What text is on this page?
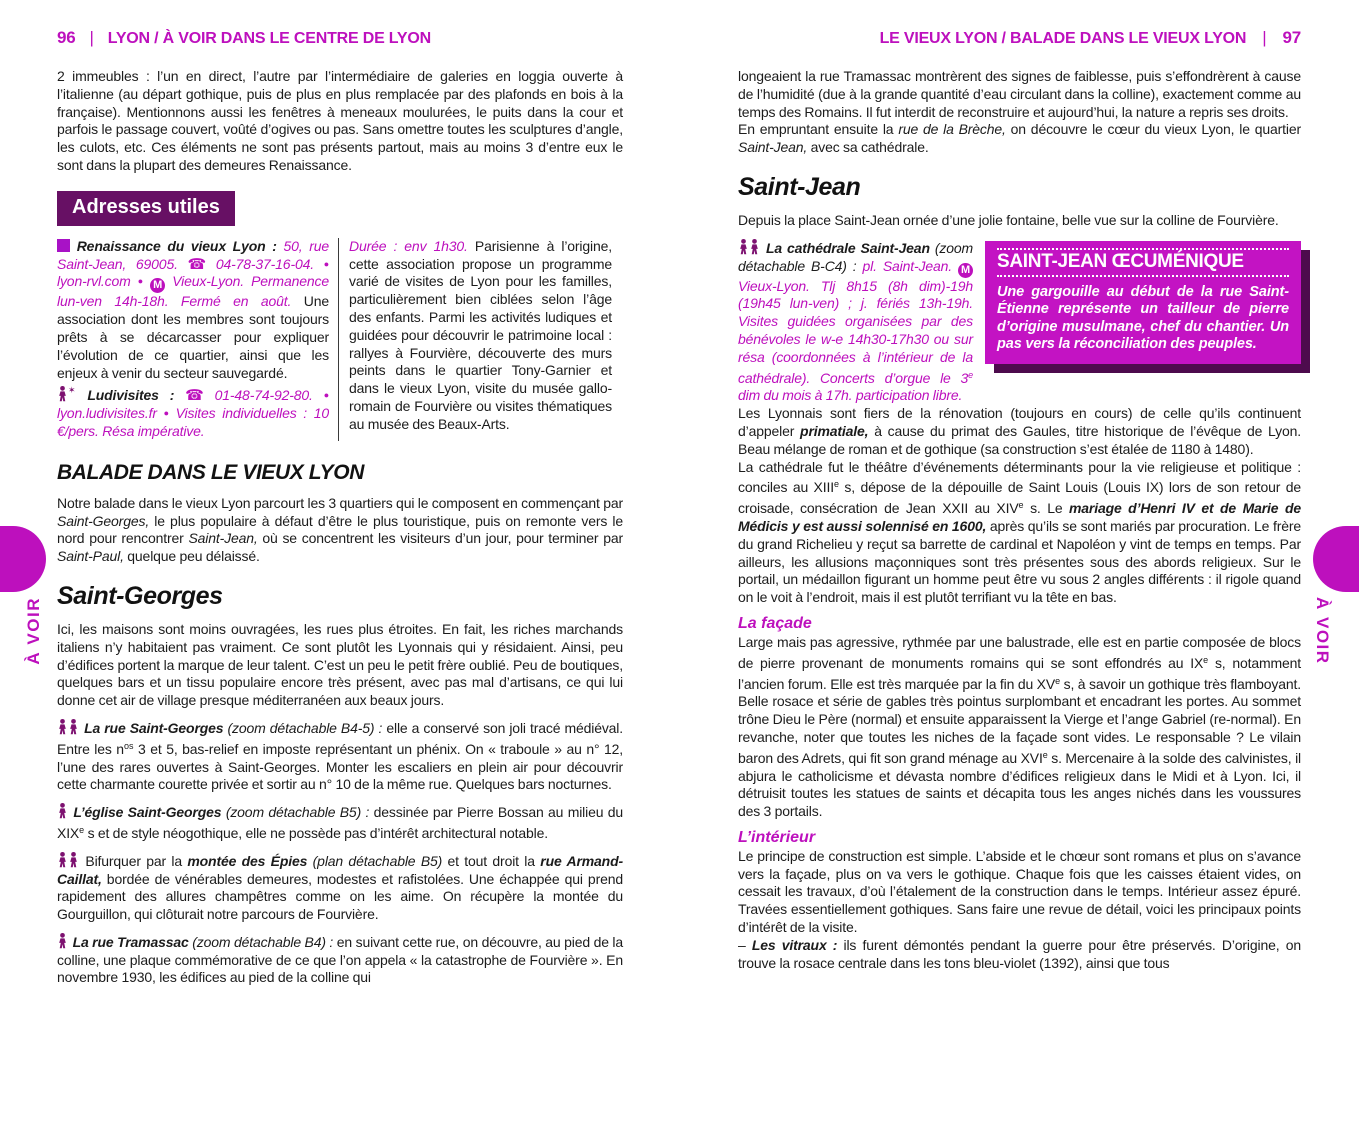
À VOIR	À VOIR
96 | LYON / À VOIR DANS LE CENTRE DE LYON

2 immeubles : l’un en direct, l’autre par l’intermédiaire de galeries en loggia ouverte à l’italienne (au départ gothique, puis de plus en plus remplacée par des plafonds en bois à la française). Mentionnons aussi les fenêtres à meneaux moulurées, le puits dans la cour et parfois le passage couvert, voûté d’ogives ou pas. Sans omettre toutes les sculptures d’angle, les culots, etc. Ces éléments ne sont pas présents partout, mais au moins 3 d’entre eux le sont dans la plupart des demeures Renaissance.

Adresses utiles

Renaissance du vieux Lyon : 50, rue Saint-Jean, 69005. ☎ 04-78-37-16-04. ● lyon-rvl.com ● M Vieux-Lyon. Permanence lun-ven 14h-18h. Fermé en août. Une association dont les membres sont toujours prêts à se décarcasser pour expliquer l’évolution de ce quartier, ainsi que les enjeux à venir du secteur sauvegardé.

✶ Ludivisites : ☎ 01-48-74-92-80. ● lyon.ludivisites.fr ● Visites individuelles : 10 €/pers. Résa impérative.

Durée : env 1h30. Parisienne à l’origine, cette association propose un programme varié de visites de Lyon pour les familles, particulièrement bien ciblées selon l’âge des enfants. Parmi les activités ludiques et guidées pour découvrir le patrimoine local : rallyes à Fourvière, découverte des murs peints dans le quartier Tony-Garnier et dans le vieux Lyon, visite du musée gallo-romain de Fourvière ou visites thématiques au musée des Beaux-Arts.

BALADE DANS LE VIEUX LYON

Notre balade dans le vieux Lyon parcourt les 3 quartiers qui le composent en commençant par Saint-Georges, le plus populaire à défaut d’être le plus touristique, puis on remonte vers le nord pour rencontrer Saint-Jean, où se concentrent les visiteurs d’un jour, pour terminer par Saint-Paul, quelque peu délaissé.

Saint-Georges

Ici, les maisons sont moins ouvragées, les rues plus étroites. En fait, les riches marchands italiens n’y habitaient pas vraiment. Ce sont plutôt les Lyonnais qui y résidaient. Ainsi, peu d’édifices portent la marque de leur talent. C’est un peu le petit frère oublié. Peu de boutiques, quelques bars et un tissu populaire encore très présent, avec pas mal d’artisans, ce qui lui donne cet air de village presque méditerranéen aux beaux jours.

La rue Saint-Georges (zoom détachable B4-5) : elle a conservé son joli tracé médiéval. Entre les $n^{os}$ 3 et 5, bas-relief en imposte représentant un phénix. On « traboule » au n° 12, l’une des rares ouvertes à Saint-Georges. Monter les escaliers en plein air pour découvrir cette charmante courette privée et sortir au n° 10 de la même rue. Quelques bars nocturnes.

L’église Saint-Georges (zoom détachable B5) : dessinée par Pierre Bossan au milieu du XIXe s et de style néogothique, elle ne possède pas d’intérêt architectural notable.

Bifurquer par la montée des Épies (plan détachable B5) et tout droit la rue Armand-Caillat, bordée de vénérables demeures, modestes et rafistolées. Une échappée qui prend rapidement des allures champêtres comme on les aime. On récupère la montée du Gourguillon, qui clôturait notre parcours de Fourvière.

La rue Tramassac (zoom détachable B4) : en suivant cette rue, on découvre, au pied de la colline, une plaque commémorative de ce que l’on appela « la catastrophe de Fourvière ». En novembre 1930, les édifices au pied de la colline qui

LE VIEUX LYON / BALADE DANS LE VIEUX LYON | 97

longeaient la rue Tramassac montrèrent des signes de faiblesse, puis s’effondrèrent à cause de l’humidité (due à la grande quantité d’eau circulant dans la colline), exactement comme au temps des Romains. Il fut interdit de reconstruire et aujourd’hui, la nature a repris ses droits.

En empruntant ensuite la rue de la Brèche, on découvre le cœur du vieux Lyon, le quartier Saint-Jean, avec sa cathédrale.

Saint-Jean

Depuis la place Saint-Jean ornée d’une jolie fontaine, belle vue sur la colline de Fourvière.

SAINT-JEAN ŒCUMÉNIQUE
Une gargouille au début de la rue Saint-Étienne représente un tailleur de pierre d’origine musulmane, chef du chantier. Un pas vers la réconciliation des peuples.
La cathédrale Saint-Jean (zoom détachable B-C4) : pl. Saint-Jean. M Vieux-Lyon. Tlj 8h15 (8h dim)-19h (19h45 lun-ven) ; j. fériés 13h-19h. Visites guidées organisées par des bénévoles le w-e 14h30-17h30 ou sur résa (coordonnées à l’intérieur de la cathédrale). Concerts d’orgue le 3e dim du mois à 17h. participation libre.

Les Lyonnais sont fiers de la rénovation (toujours en cours) de celle qu’ils continuent d’appeler primatiale, à cause du primat des Gaules, titre historique de l’évêque de Lyon. Beau mélange de roman et de gothique (sa construction s’est étalée de 1180 à 1480).

La cathédrale fut le théâtre d’événements déterminants pour la vie religieuse et politique : conciles au XIIIe s, dépose de la dépouille de Saint Louis (Louis IX) lors de son retour de croisade, consécration de Jean XXII au XIVe s. Le mariage d’Henri IV et de Marie de Médicis y est aussi solennisé en 1600, après qu’ils se sont mariés par procuration. Le frère du grand Richelieu y reçut sa barrette de cardinal et Napoléon y vint de temps en temps. Par ailleurs, les allusions maçonniques sont très présentes sous des abords religieux. Sur le portail, un médaillon figurant un homme peut être vu sous 2 angles différents : il rigole quand on le voit à l’endroit, mais il est plutôt terrifiant vu la tête en bas.

La façade

Large mais pas agressive, rythmée par une balustrade, elle est en partie composée de blocs de pierre provenant de monuments romains qui se sont effondrés au IXe s, notamment l’ancien forum. Elle est très marquée par la fin du XVe s, à savoir un gothique très flamboyant. Belle rosace et série de gables très pointus surplombant et encadrant les portes. Au sommet trône Dieu le Père (normal) et ensuite apparaissent la Vierge et l’ange Gabriel (re-normal). En revanche, noter que toutes les niches de la façade sont vides. Le responsable ? Le vilain baron des Adrets, qui fit son grand ménage au XVIe s. Mercenaire à la solde des calvinistes, il abjura le catholicisme et dévasta nombre d’édifices religieux dans le Midi et à Lyon. Ici, il détruisit toutes les statues de saints et décapita tous les anges nichés dans les voussures des 3 portails.

L’intérieur

Le principe de construction est simple. L’abside et le chœur sont romans et plus on s’avance vers la façade, plus on va vers le gothique. Chaque fois que les caisses étaient vides, on cessait les travaux, d’où l’étalement de la construction dans le temps. Intérieur assez épuré. Travées essentiellement gothiques. Sans faire une revue de détail, voici les principaux points d’intérêt de la visite.

– Les vitraux : ils furent démontés pendant la guerre pour être préservés. D’origine, on trouve la rosace centrale dans les tons bleu-violet (1392), ainsi que tous
